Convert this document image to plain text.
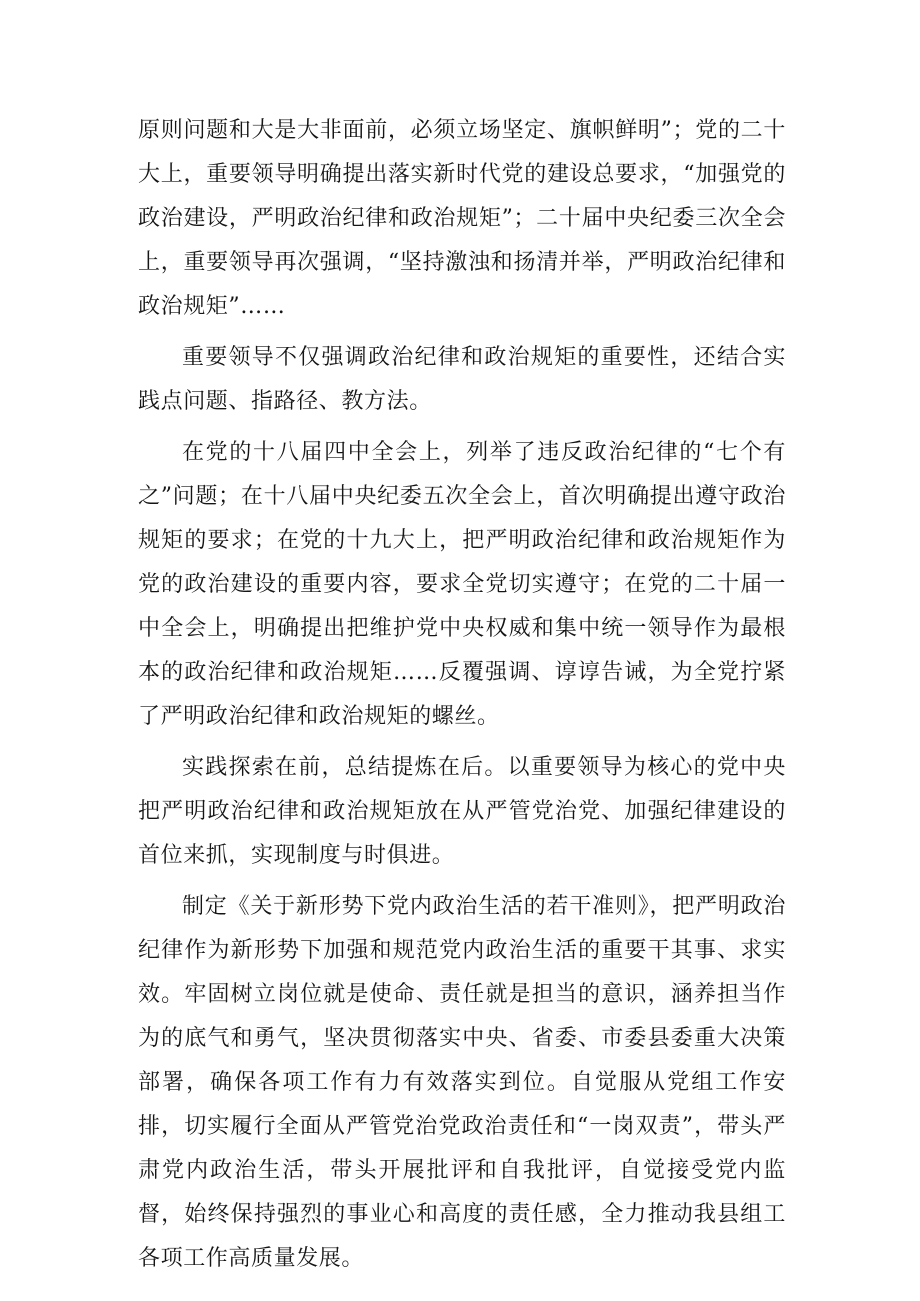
原则问题和大是大非面前，必须立场坚定、旗帜鲜明”；党的二十大上，重要领导明确提出落实新时代党的建设总要求，“加强党的政治建设，严明政治纪律和政治规矩”；二十届中央纪委三次全会上，重要领导再次强调，“坚持激浊和扬清并举，严明政治纪律和政治规矩”……

重要领导不仅强调政治纪律和政治规矩的重要性，还结合实践点问题、指路径、教方法。

在党的十八届四中全会上，列举了违反政治纪律的“七个有之”问题；在十八届中央纪委五次全会上，首次明确提出遵守政治规矩的要求；在党的十九大上，把严明政治纪律和政治规矩作为党的政治建设的重要内容，要求全党切实遵守；在党的二十届一中全会上，明确提出把维护党中央权威和集中统一领导作为最根本的政治纪律和政治规矩……反覆强调、谆谆告诫，为全党拧紧了严明政治纪律和政治规矩的螺丝。

实践探索在前，总结提炼在后。以重要领导为核心的党中央把严明政治纪律和政治规矩放在从严管党治党、加强纪律建设的首位来抓，实现制度与时俱进。

制定《关于新形势下党内政治生活的若干准则》，把严明政治纪律作为新形势下加强和规范党内政治生活的重要干其事、求实效。牢固树立岗位就是使命、责任就是担当的意识，涵养担当作为的底气和勇气，坚决贯彻落实中央、省委、市委县委重大决策部署，确保各项工作有力有效落实到位。自觉服从党组工作安排，切实履行全面从严管党治党政治责任和“一岗双责”，带头严肃党内政治生活，带头开展批评和自我批评，自觉接受党内监督，始终保持强烈的事业心和高度的责任感，全力推动我县组工各项工作高质量发展。
